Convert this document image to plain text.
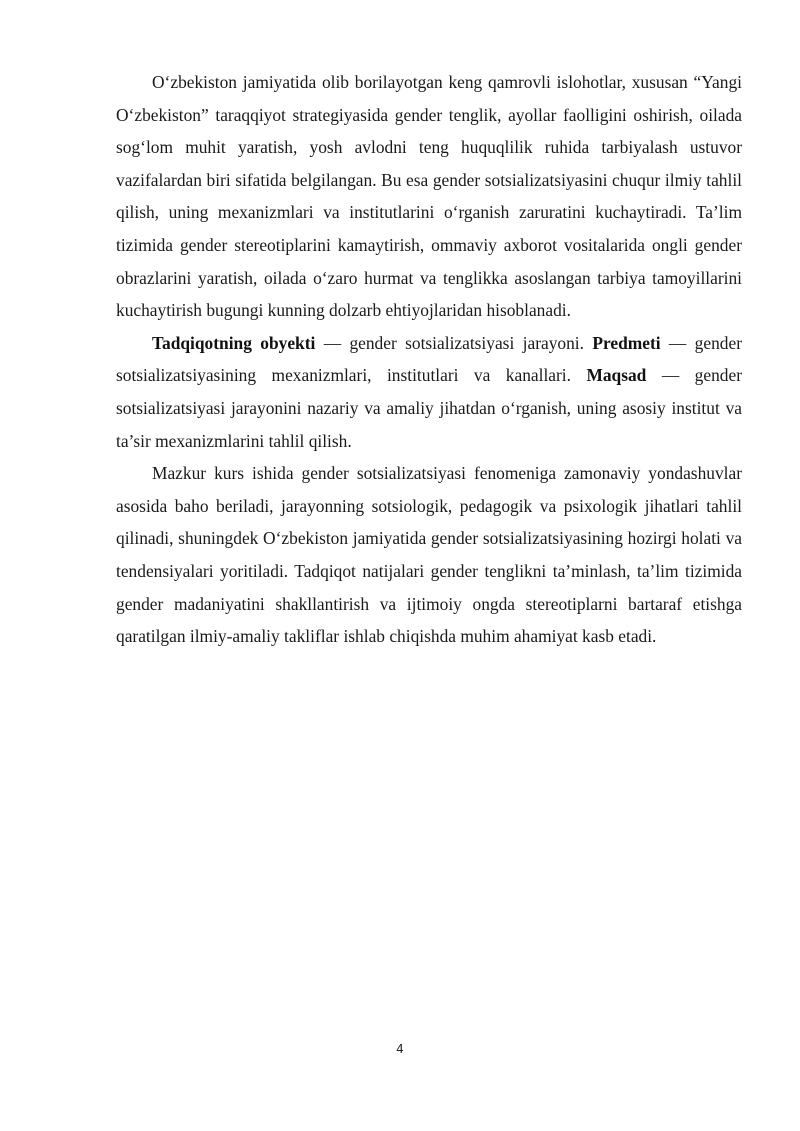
O‘zbekiston jamiyatida olib borilayotgan keng qamrovli islohotlar, xususan “Yangi O‘zbekiston” taraqqiyot strategiyasida gender tenglik, ayollar faolligini oshirish, oilada sog‘lom muhit yaratish, yosh avlodni teng huquqlilik ruhida tarbiyalash ustuvor vazifalardan biri sifatida belgilangan. Bu esa gender sotsializatsiyasini chuqur ilmiy tahlil qilish, uning mexanizmlari va institutlarini o‘rganish zaruratini kuchaytiradi. Ta’lim tizimida gender stereotiplarini kamaytirish, ommaviy axborot vositalarida ongli gender obrazlarini yaratish, oilada o‘zaro hurmat va tenglikka asoslangan tarbiya tamoyillarini kuchaytirish bugungi kunning dolzarb ehtiyojlaridan hisoblanadi.

Tadqiqotning obyekti — gender sotsializatsiyasi jarayoni. Predmeti — gender sotsializatsiyasining mexanizmlari, institutlari va kanallari. Maqsad — gender sotsializatsiyasi jarayonini nazariy va amaliy jihatdan o‘rganish, uning asosiy institut va ta’sir mexanizmlarini tahlil qilish.

Mazkur kurs ishida gender sotsializatsiyasi fenomeniga zamonaviy yondashuvlar asosida baho beriladi, jarayonning sotsiologik, pedagogik va psixologik jihatlari tahlil qilinadi, shuningdek O‘zbekiston jamiyatida gender sotsializatsiyasining hozirgi holati va tendensiyalari yoritiladi. Tadqiqot natijalari gender tenglikni ta’minlash, ta’lim tizimida gender madaniyatini shakllantirish va ijtimoiy ongda stereotiplarni bartaraf etishga qaratilgan ilmiy-amaliy takliflar ishlab chiqishda muhim ahamiyat kasb etadi.

4
